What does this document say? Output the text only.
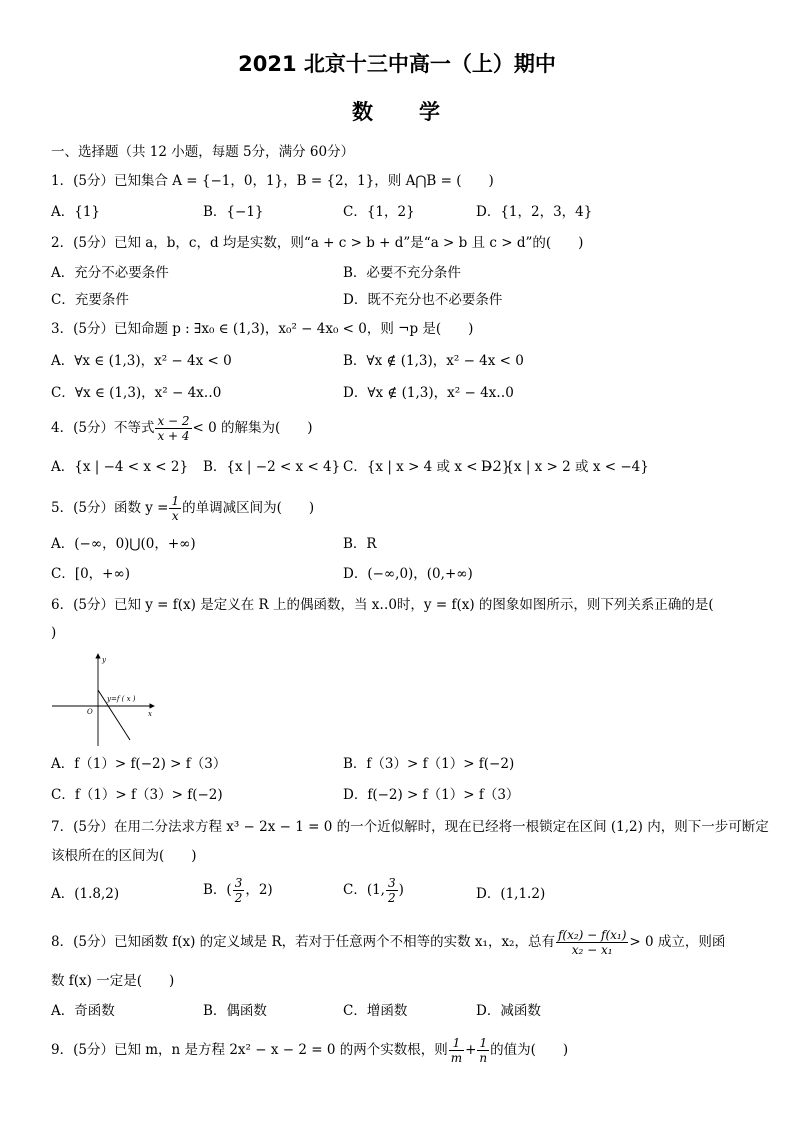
2021 北京十三中高一（上）期中
数 学
一、选择题（共 12 小题，每题 5分，满分 60分）
1．(5分）已知集合 A = {−1，0，1}，B = {2，1}，则 A⋂B = (　　)
A．{1}	B．{−1}	C．{1，2}	D．{1，2，3，4}
2．(5分）已知 a，b，c，d 均是实数，则“a + c > b + d”是“a > b 且 c > d”的(　　)
A．充分不必要条件	B．必要不充分条件
C．充要条件	D．既不充分也不必要条件
3．(5分）已知命题 p : ∃x₀ ∈ (1,3)，x₀² − 4x₀ < 0，则 ¬p 是(　　)
A．∀x ∈ (1,3)，x² − 4x < 0	B．∀x ∉ (1,3)，x² − 4x < 0
C．∀x ∈ (1,3)，x² − 4x‥0	D．∀x ∉ (1,3)，x² − 4x‥0
4．(5分）不等式 $\frac{x - 2}{x + 4} < 0$ 的解集为(　　)
A．{x | −4 < x < 2} B．{x | −2 < x < 4} C．{x | x > 4 或 x < −2}
D．{x | x > 2 或 x < −4}
5．(5分）函数 $y = \frac{1}{x}$ 的单调减区间为(　　)
A．(−∞，0)⋃(0，+∞)	B．R
C．[0，+∞)	D．(−∞,0)，(0,+∞)
6．(5分）已知 y = f(x) 是定义在 R 上的偶函数，当 x‥0时，y = f(x) 的图象如图所示，则下列关系正确的是(
)
y
x
O
y=f ( x )
A．f（1）> f(−2) > f（3）	B．f（3）> f（1）> f(−2)
C．f（1）> f（3）> f(−2)	D．f(−2) > f（1）> f（3）
7．(5分）在用二分法求方程 x³ − 2x − 1 = 0 的一个近似解时，现在已经将一根锁定在区间 (1,2) 内，则下一步可断定
该根所在的区间为(　　)
A．(1.8,2)	B．( $\frac{3}{2}$ ，2)	C．(1, $\frac{3}{2}$ )	D．(1,1.2)
8．(5分）已知函数 f(x) 的定义域是 R，若对于任意两个不相等的实数 x₁，x₂，总有 $\frac{\text{f(x₂) − f(x₁)}}{\text{x₂ − x₁}} > 0$ 成立，则函
数 f(x) 一定是(　　)
A．奇函数	B．偶函数	C．增函数	D．减函数
9．(5分）已知 m，n 是方程 2x² − x − 2 = 0 的两个实数根，则 $\frac{1}{m} + \frac{1}{n}$ 的值为(　　)
